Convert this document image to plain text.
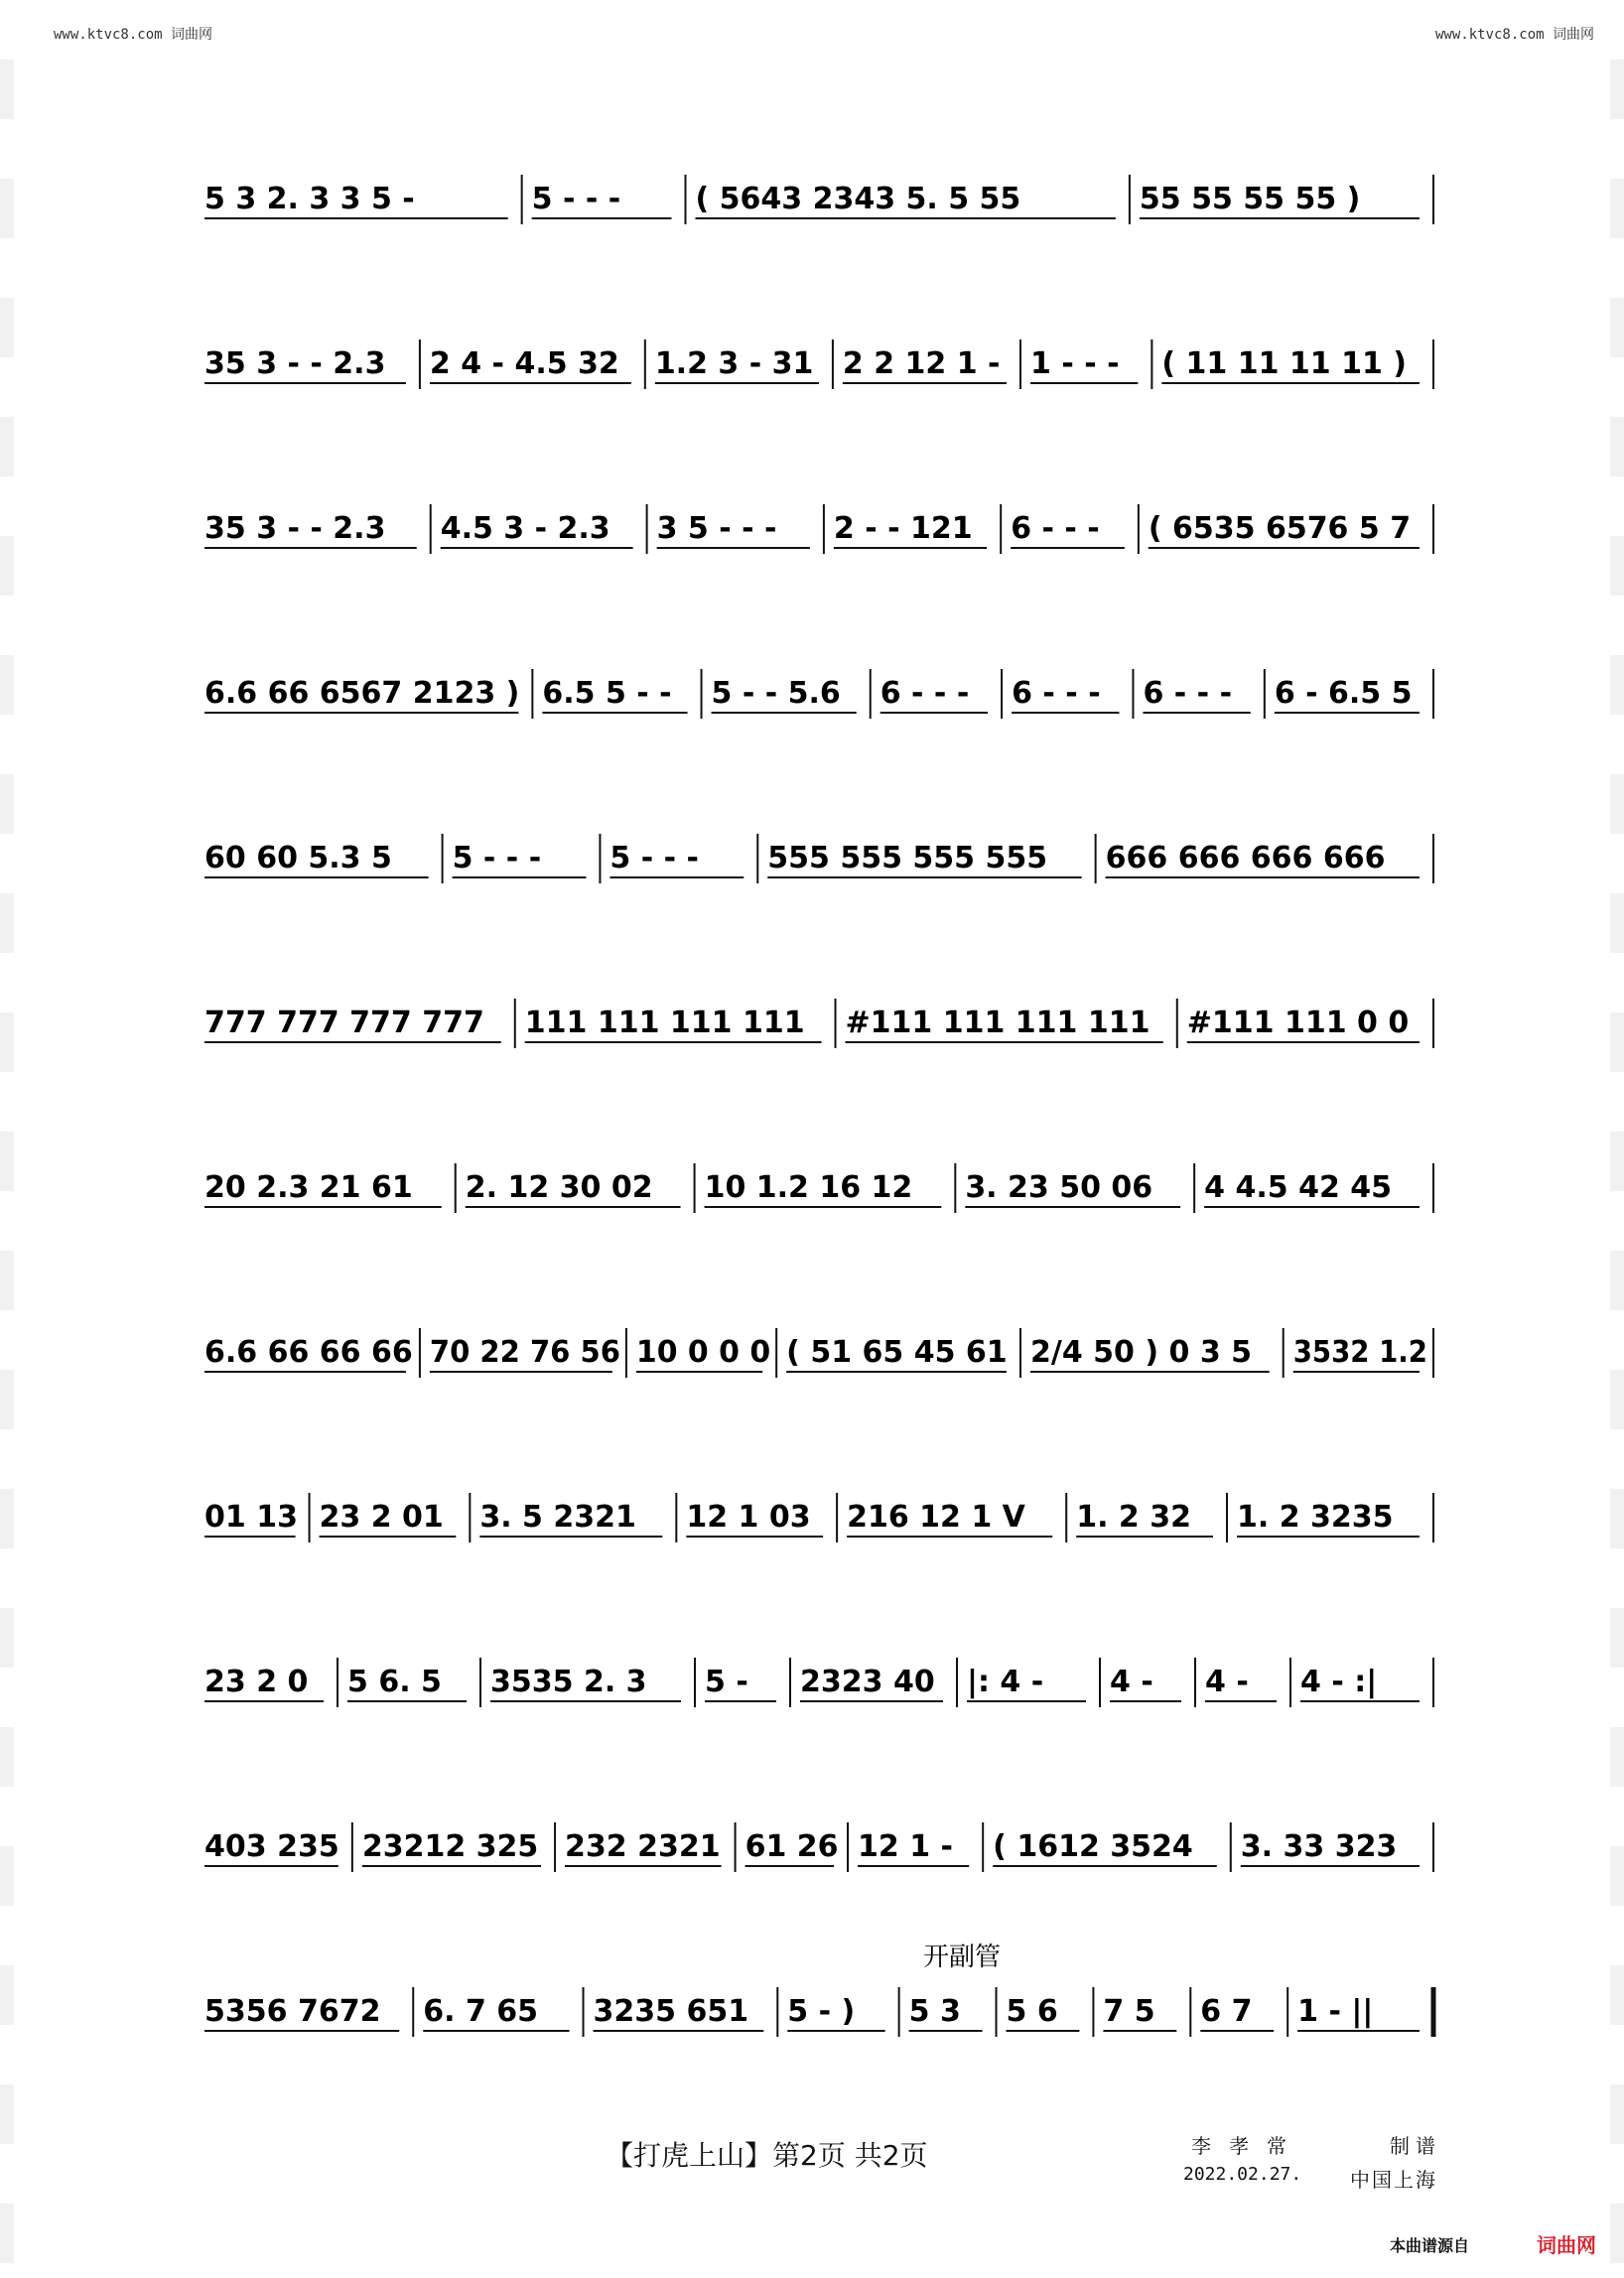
www.ktvc8.com 词曲网	www.ktvc8.com 词曲网
5 3 2. 3 3 5 -	5 - - -	( 5643 2343 5. 5 55	55 55 55 55 )
35 3 - - 2.3 2 4 - 4.5 32 1.2 3 - 31 2 2 12 1 - 1 - - - ( 11 11 11 11 )
35 3 - - 2.3 4.5 3 - 2.3 3 5 - - - 2 - - 121 6 - - - ( 6535 6576 5 7
6.6 66 6567 2123 ) 6.5 5 - - 5 - - 5.6 6 - - - 6 - - - 6 - - - 6 - 6.5 5
60 60 5.3 5 5 - - - 5 - - - 555 555 555 555 666 666 666 666
777 777 777 777 111 111 111 111 #111 111 111 111 #111 111 0 0
20 2.3 21 61 2. 12 30 02 10 1.2 16 12 3. 23 50 06 4 4.5 42 45
6.6 66 66 66 70 22 76 56 10 0 0 0 ( 51 65 45 61 2/4 50 ) 0 3 5 3532 1.2
01 13 23 2 01 3. 5 2321 12 1 03 216 12 1 V 1. 2 32 1. 2 3235
23 2 0 5 6. 5 3535 2. 3 5 - 2323 40 |: 4 - 4 - 4 - 4 - :|
403 235 23212 325 232 2321 61 26 12 1 - ( 1612 3524 3. 33 323
5356 7672 6. 7 65 3235 651 5 - ) 5 3 5 6 7 5 6 7 1 - ||
开副管
【打虎上山】第2页 共2页	李孝常	制谱
2022.02.27. 中国上海
本曲谱源自	词曲网
